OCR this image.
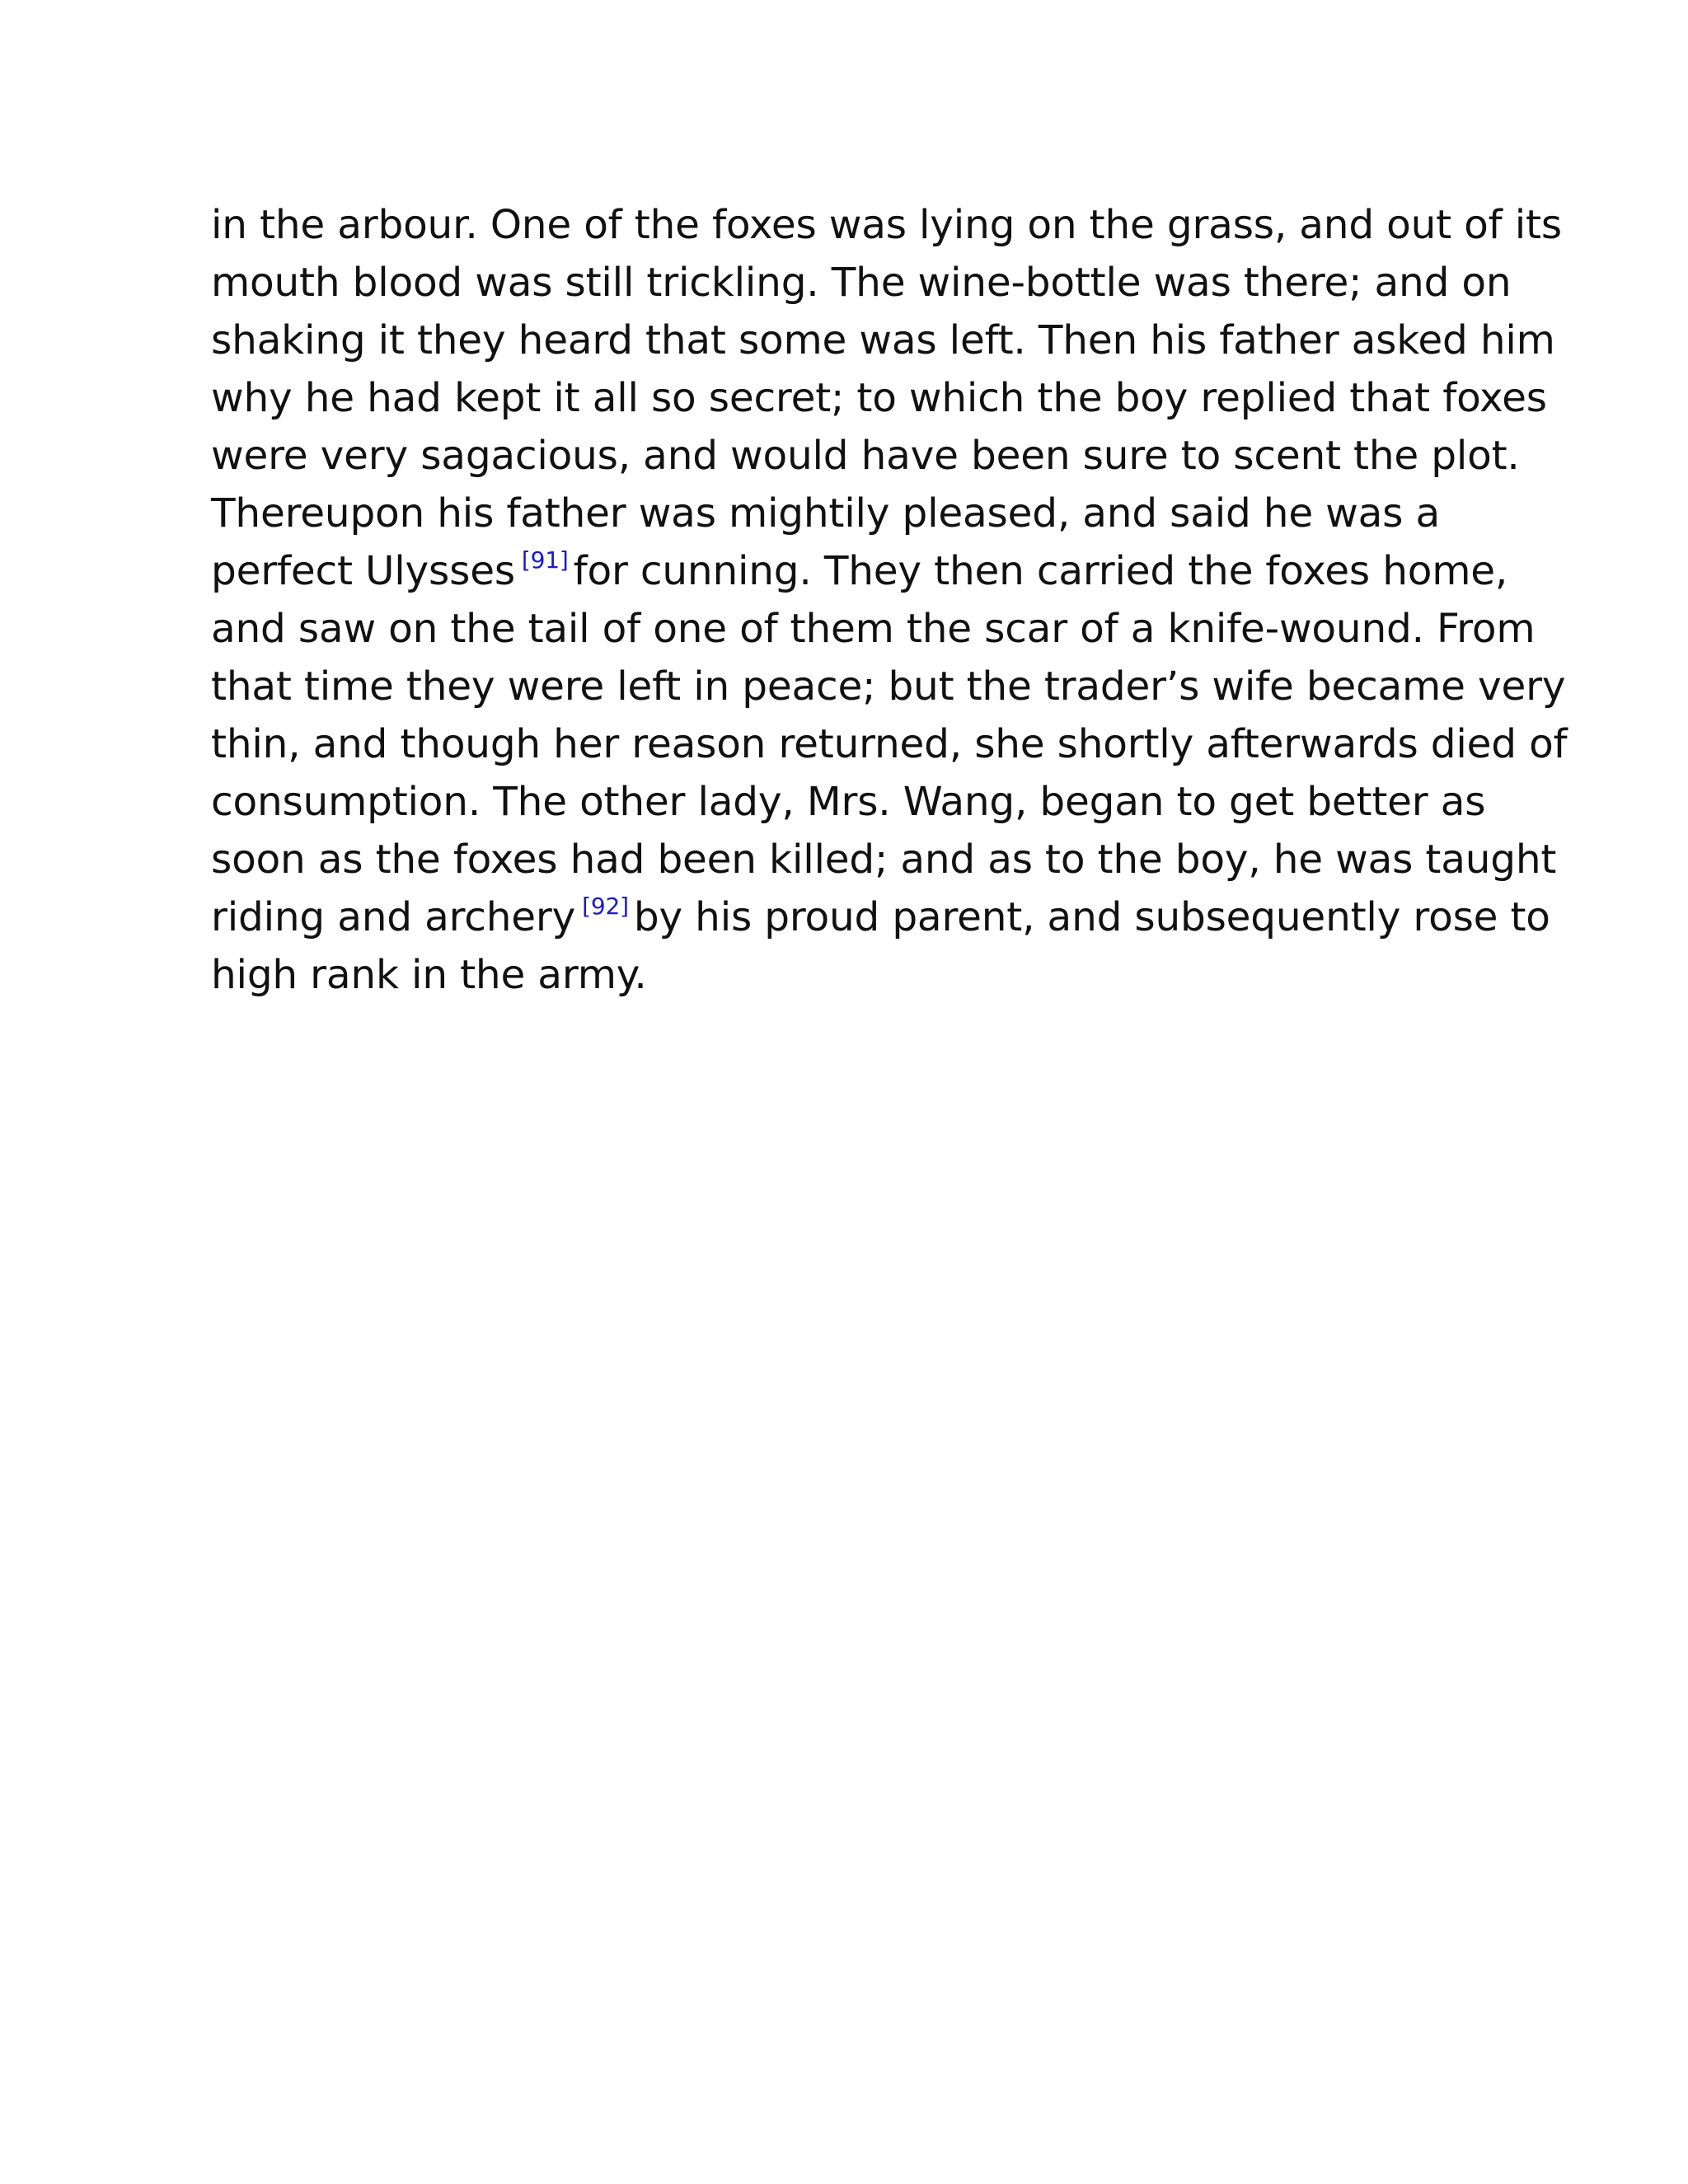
in the arbour. One of the foxes was lying on the grass, and out of its
mouth blood was still trickling. The wine-bottle was there; and on
shaking it they heard that some was left. Then his father asked him
why he had kept it all so secret; to which the boy replied that foxes
were very sagacious, and would have been sure to scent the plot.
Thereupon his father was mightily pleased, and said he was a
perfect Ulysses [91] for cunning. They then carried the foxes home,
and saw on the tail of one of them the scar of a knife-wound. From
that time they were left in peace; but the trader’s wife became very
thin, and though her reason returned, she shortly afterwards died of
consumption. The other lady, Mrs. Wang, began to get better as
soon as the foxes had been killed; and as to the boy, he was taught
riding and archery [92] by his proud parent, and subsequently rose to
high rank in the army.
